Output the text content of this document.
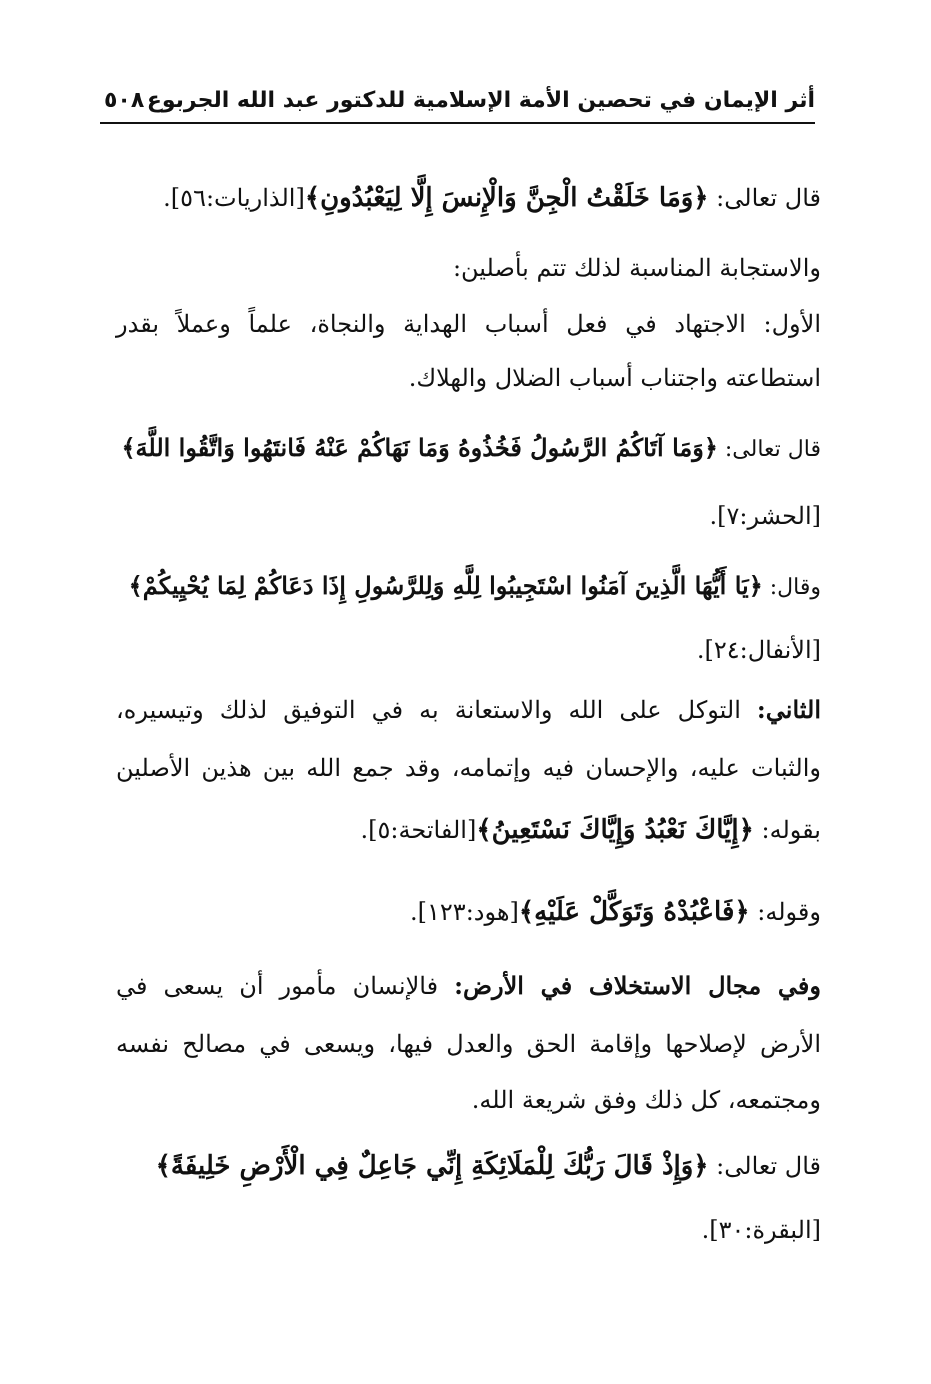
أثر الإيمان في تحصين الأمة الإسلامية للدكتور عبد الله الجربوع
٥٠٨
قال تعالى: ﴿وَمَا خَلَقْتُ الْجِنَّ وَالْإِنسَ إِلَّا لِيَعْبُدُونِ﴾[الذاريات:٥٦].
والاستجابة المناسبة لذلك تتم بأصلين:
الأول: الاجتهاد في فعل أسباب الهداية والنجاة، علماً وعملاً بقدر
استطاعته واجتناب أسباب الضلال والهلاك.
قال تعالى: ﴿وَمَا آتَاكُمُ الرَّسُولُ فَخُذُوهُ وَمَا نَهَاكُمْ عَنْهُ فَانتَهُوا وَاتَّقُوا اللَّهَ﴾
[الحشر:٧].
وقال: ﴿يَا أَيُّهَا الَّذِينَ آمَنُوا اسْتَجِيبُوا لِلَّهِ وَلِلرَّسُولِ إِذَا دَعَاكُمْ لِمَا يُحْيِيكُمْ﴾
[الأنفال:٢٤].
الثاني: التوكل على الله والاستعانة به في التوفيق لذلك وتيسيره،
والثبات عليه، والإحسان فيه وإتمامه، وقد جمع الله بين هذين الأصلين
بقوله: ﴿إِيَّاكَ نَعْبُدُ وَإِيَّاكَ نَسْتَعِينُ﴾[الفاتحة:٥].
وقوله: ﴿فَاعْبُدْهُ وَتَوَكَّلْ عَلَيْهِ﴾[هود:١٢٣].
وفي مجال الاستخلاف في الأرض: فالإنسان مأمور أن يسعى في
الأرض لإصلاحها وإقامة الحق والعدل فيها، ويسعى في مصالح نفسه
ومجتمعه، كل ذلك وفق شريعة الله.
قال تعالى: ﴿وَإِذْ قَالَ رَبُّكَ لِلْمَلَائِكَةِ إِنِّي جَاعِلٌ فِي الْأَرْضِ خَلِيفَةً﴾
[البقرة:٣٠].
